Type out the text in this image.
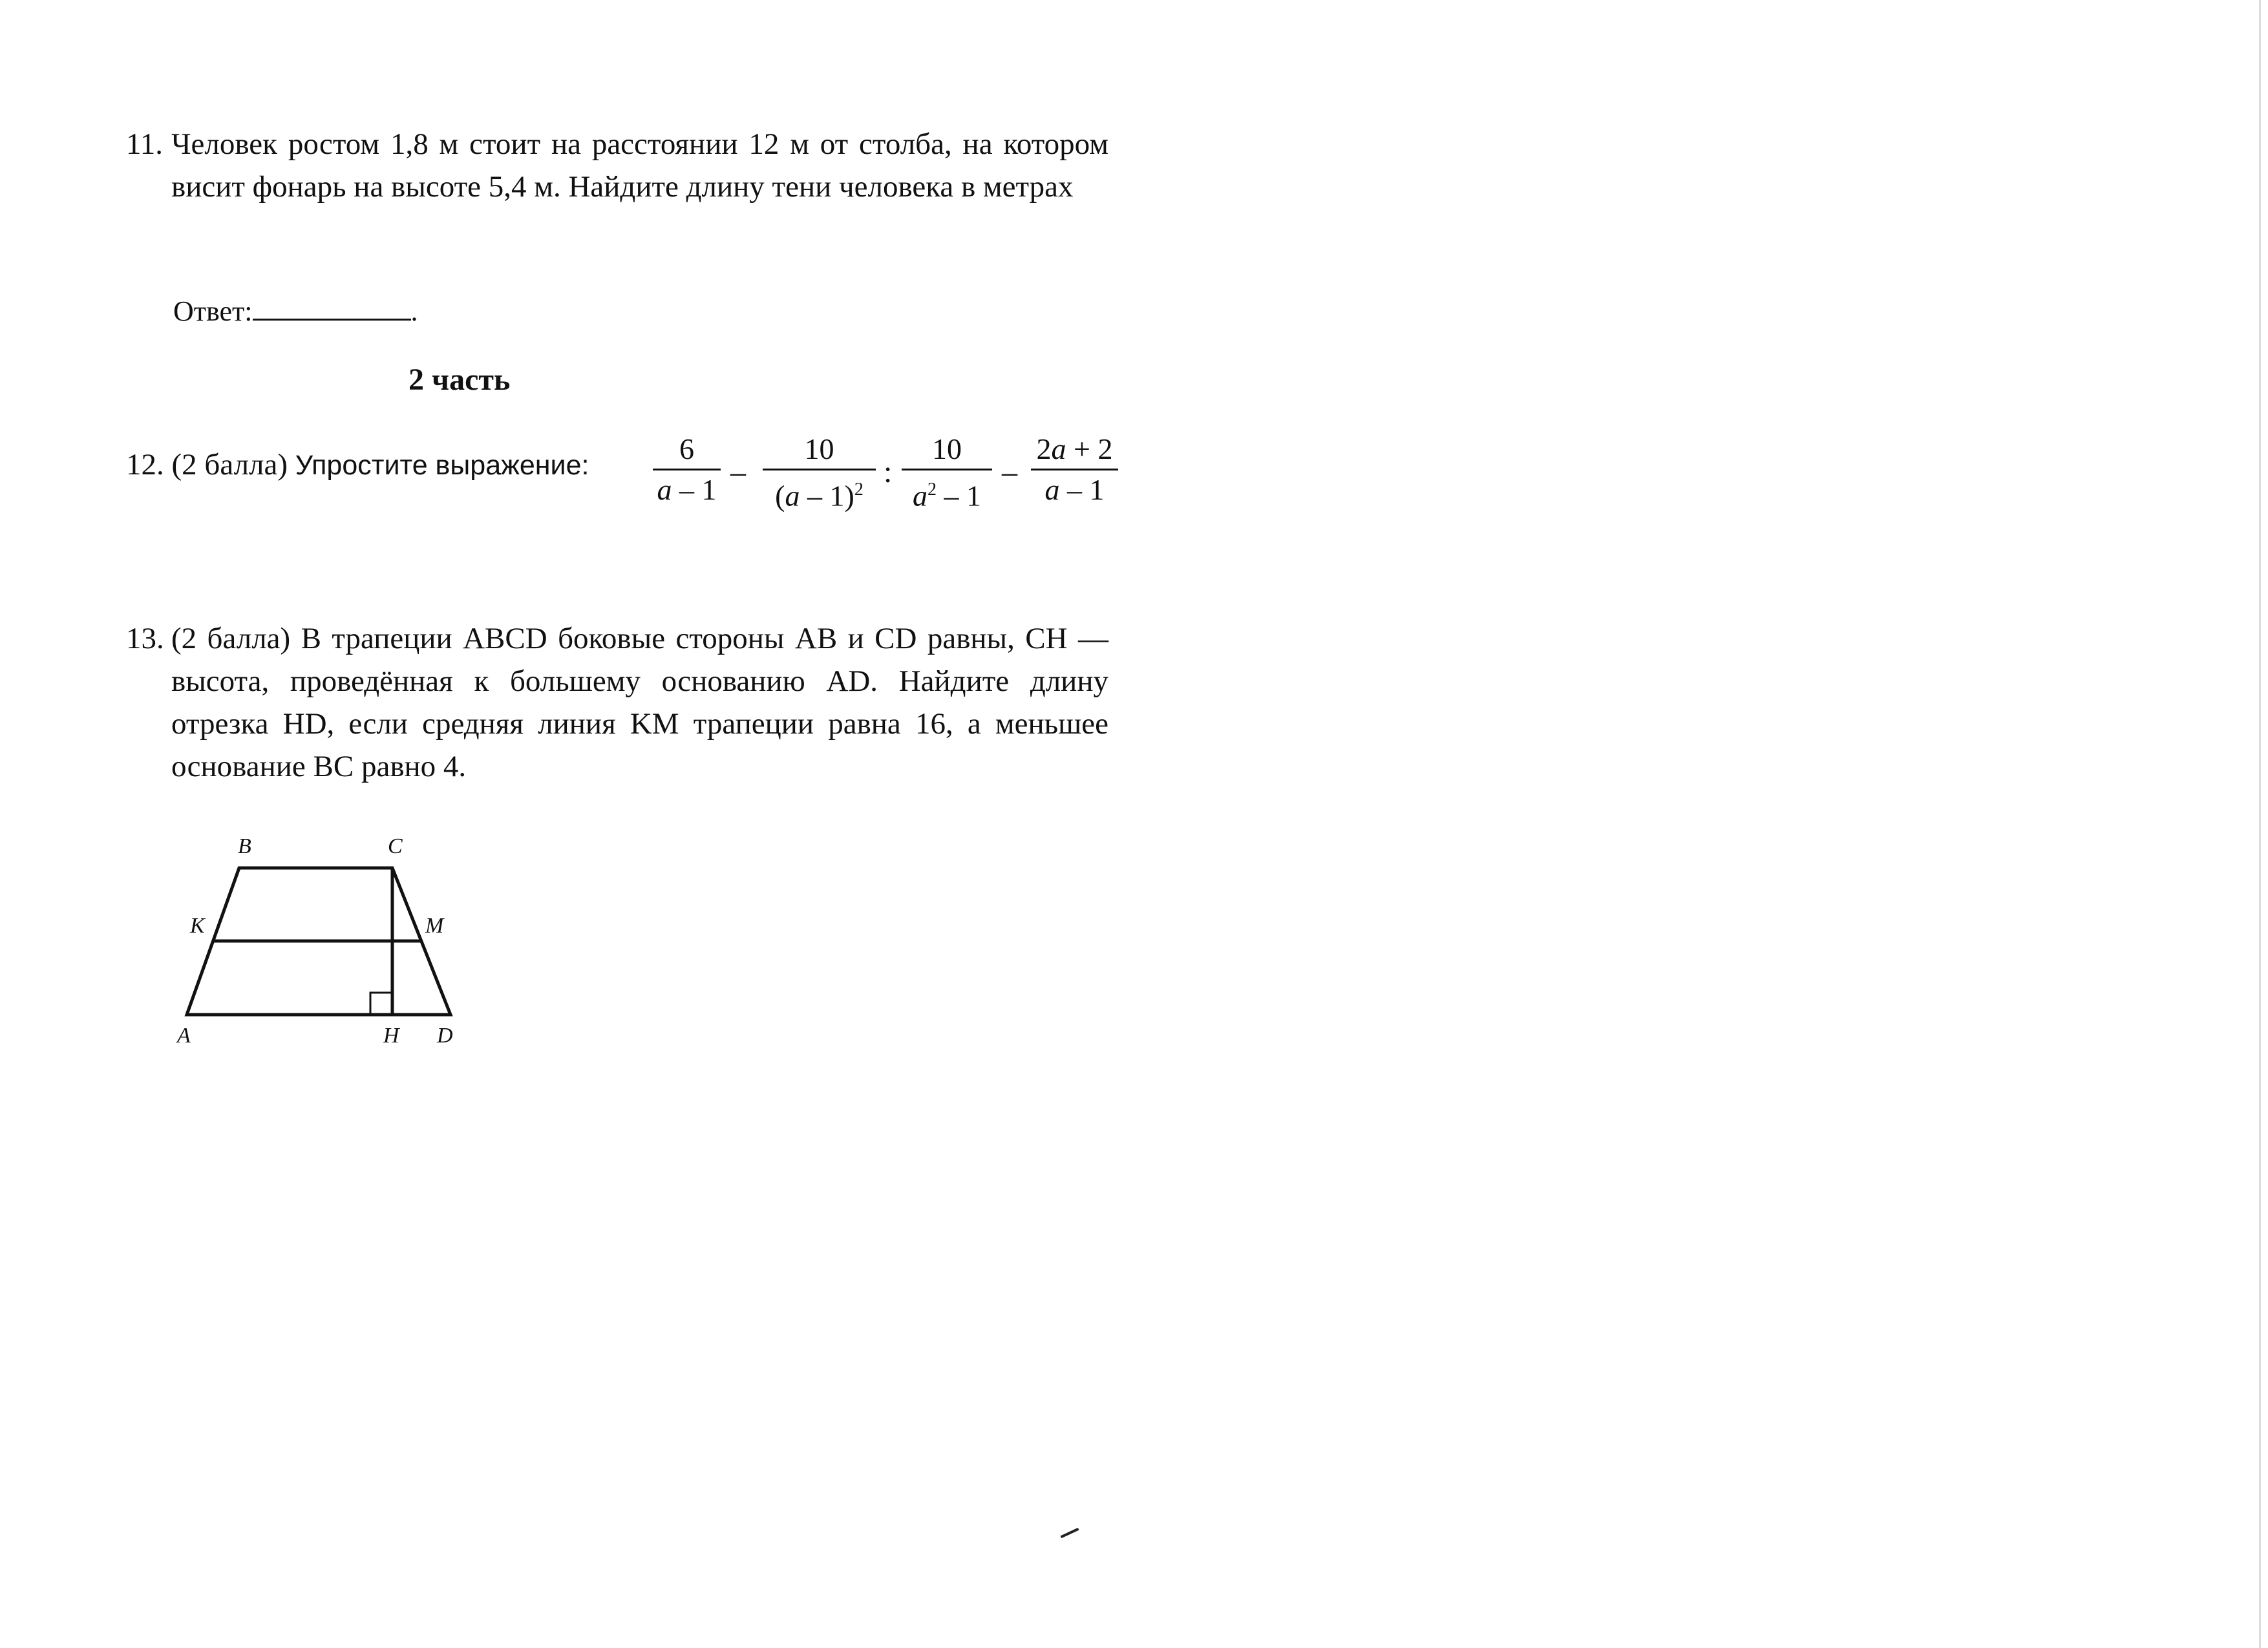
11. Человек ростом 1,8 м стоит на расстоянии 12 м от столба, на котором висит фонарь на высоте 5,4 м. Найдите длину тени человека в метрах
Ответ:	.
2 часть
12. (2 балла) Упростите выражение: $\frac{6}{a - 1} - \frac{10}{(a - 1)^2}$ : $\frac{10}{a^2 - 1} - \frac{2a + 2}{a - 1}$
13. (2 балла) В трапеции ABCD боковые стороны AB и CD равны, CH — высота, проведённая к большему основанию AD. Найдите длину отрезка HD, если средняя линия KM трапеции равна 16, а меньшее основание BC равно 4.
B	C
K	M
A	H D
